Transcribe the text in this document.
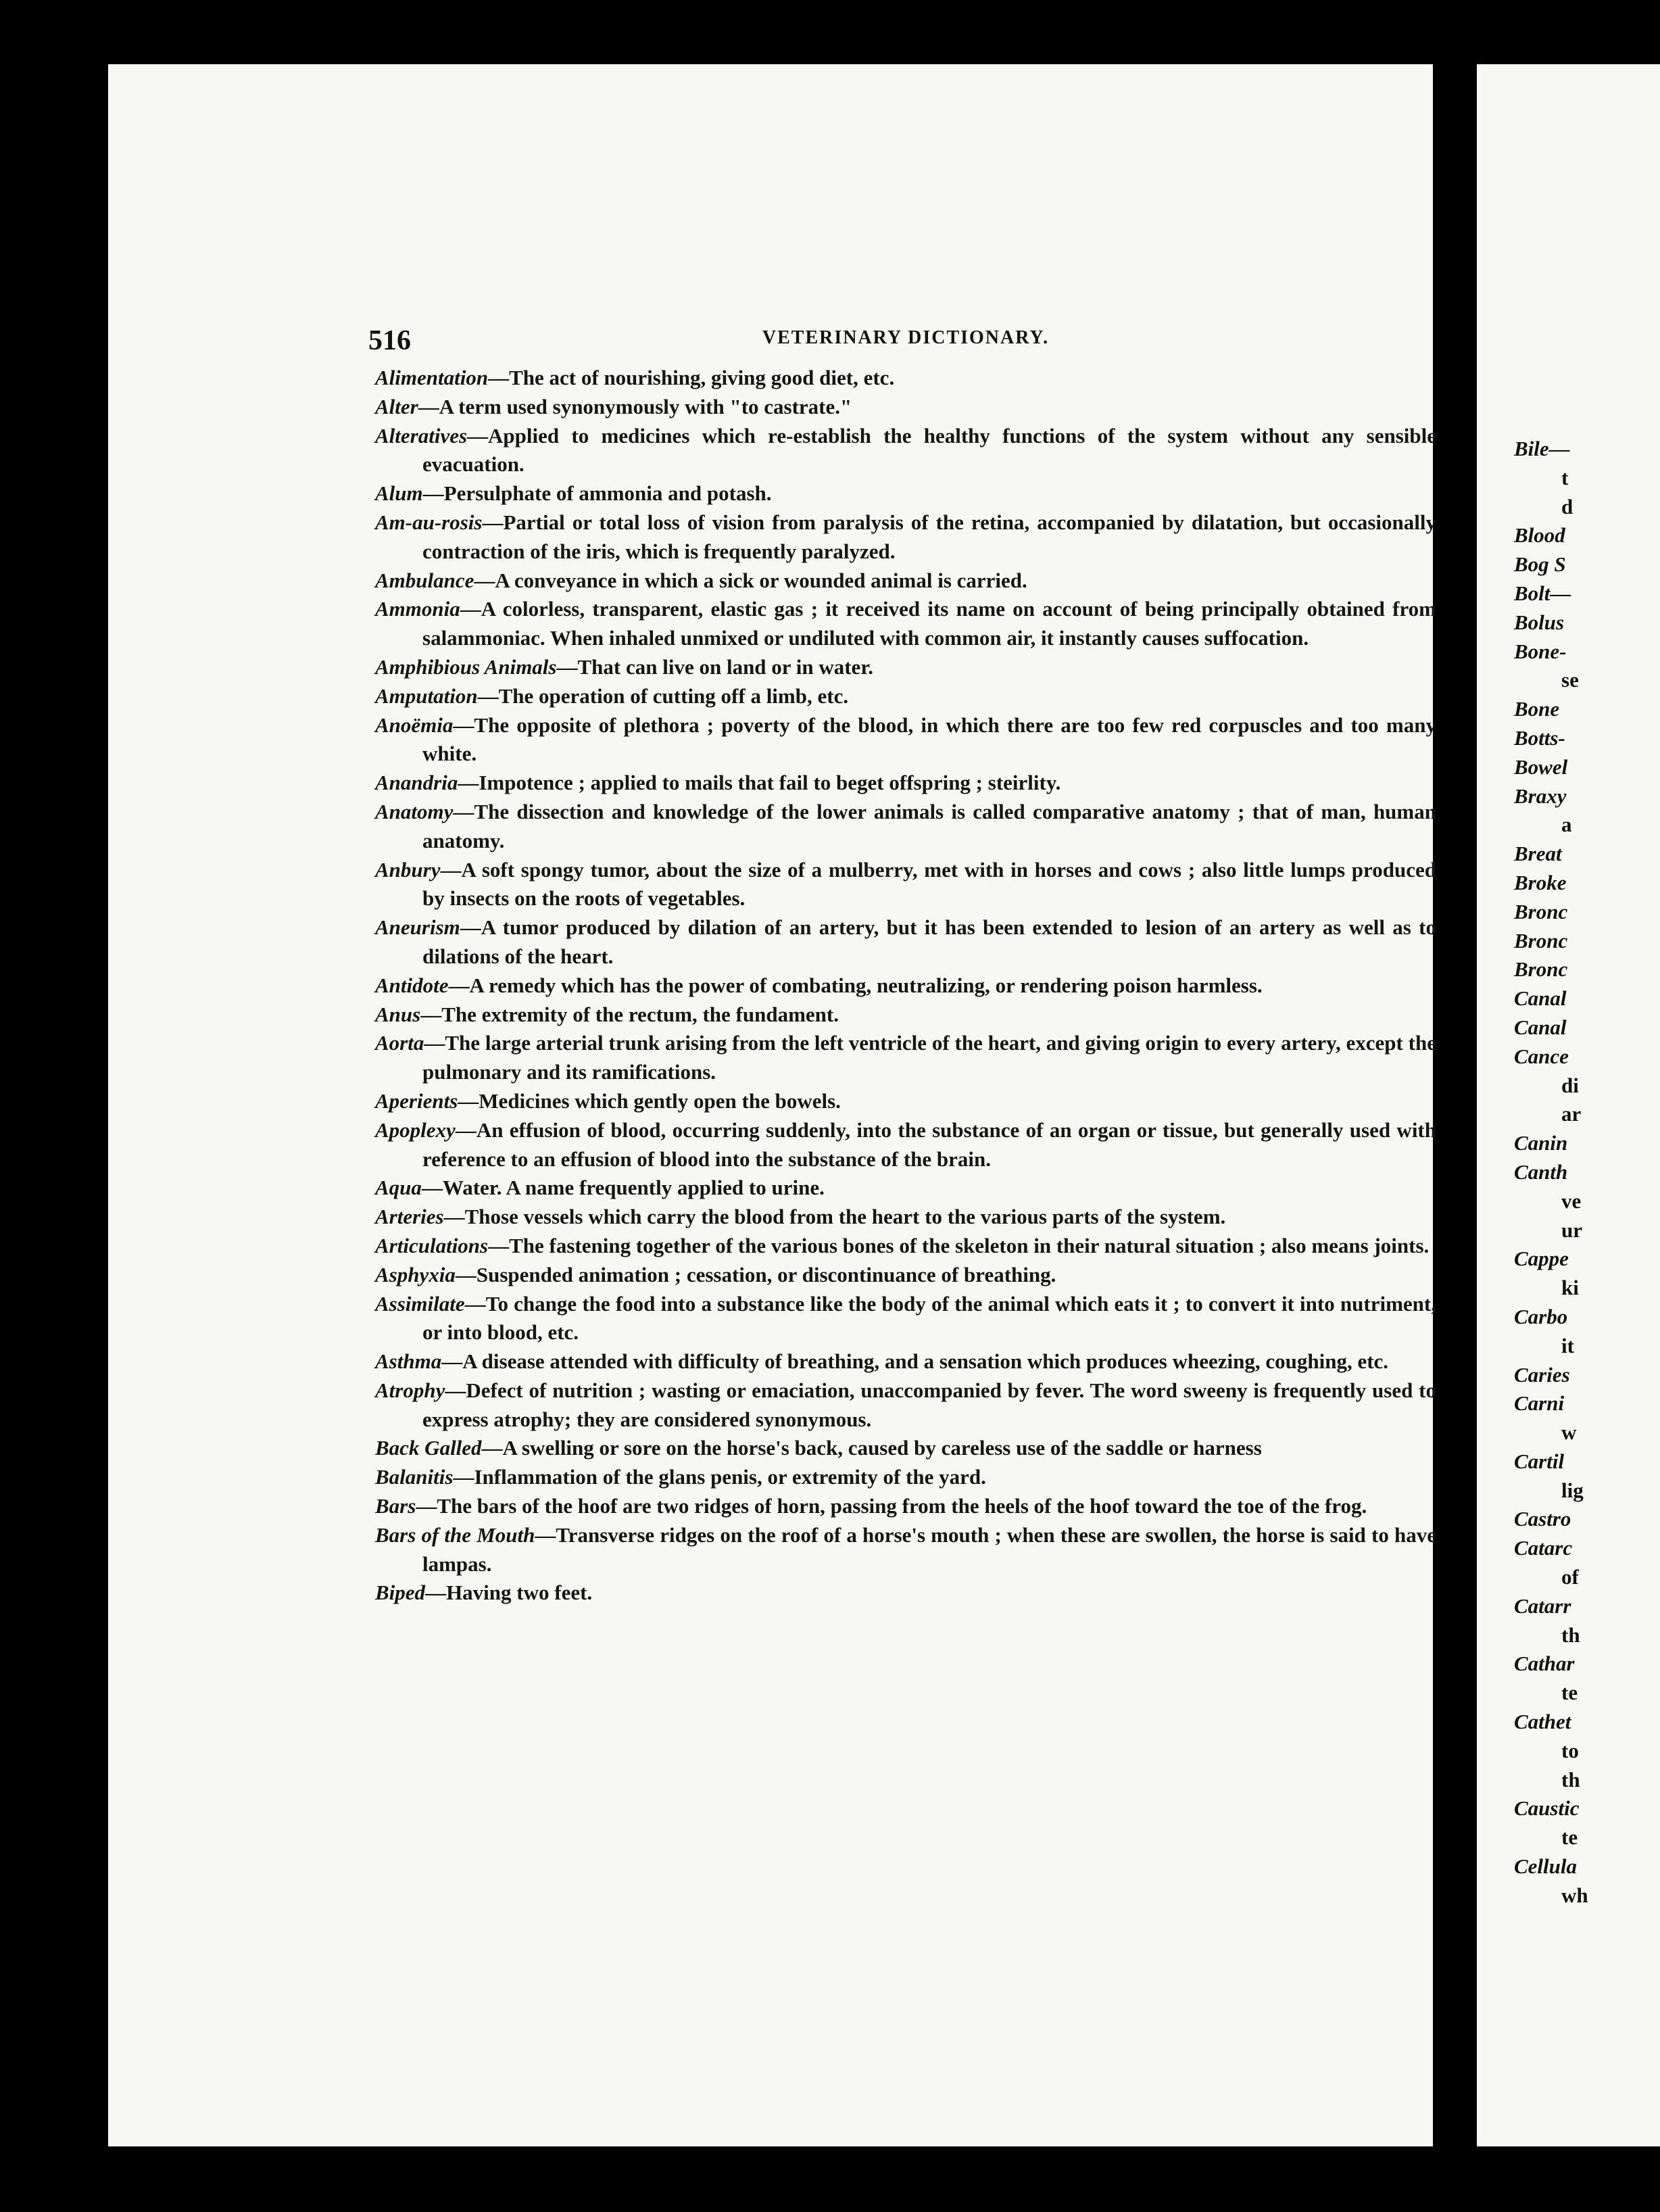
516	VETERINARY DICTIONARY.
Alimentation—The act of nourishing, giving good diet, etc.
Alter—A term used synonymously with "to castrate."
Alteratives—Applied to medicines which re-establish the healthy functions of the system without any sensible evacuation.
Alum—Persulphate of ammonia and potash.
Am-au-rosis—Partial or total loss of vision from paralysis of the retina, accompanied by dilatation, but occasionally contraction of the iris, which is frequently paralyzed.
Ambulance—A conveyance in which a sick or wounded animal is carried.
Ammonia—A colorless, transparent, elastic gas ; it received its name on account of being principally obtained from salammoniac. When inhaled unmixed or undiluted with common air, it instantly causes suffocation.
Amphibious Animals—That can live on land or in water.
Amputation—The operation of cutting off a limb, etc.
Anoëmia—The opposite of plethora ; poverty of the blood, in which there are too few red corpuscles and too many white.
Anandria—Impotence ; applied to mails that fail to beget offspring ; steirlity.
Anatomy—The dissection and knowledge of the lower animals is called comparative anatomy ; that of man, human anatomy.
Anbury—A soft spongy tumor, about the size of a mulberry, met with in horses and cows ; also little lumps produced by insects on the roots of vegetables.
Aneurism—A tumor produced by dilation of an artery, but it has been extended to lesion of an artery as well as to dilations of the heart.
Antidote—A remedy which has the power of combating, neutralizing, or rendering poison harmless.
Anus—The extremity of the rectum, the fundament.
Aorta—The large arterial trunk arising from the left ventricle of the heart, and giving origin to every artery, except the pulmonary and its ramifications.
Aperients—Medicines which gently open the bowels.
Apoplexy—An effusion of blood, occurring suddenly, into the substance of an organ or tissue, but generally used with reference to an effusion of blood into the substance of the brain.
Aqua—Water. A name frequently applied to urine.
Arteries—Those vessels which carry the blood from the heart to the various parts of the system.
Articulations—The fastening together of the various bones of the skeleton in their natural situation ; also means joints.
Asphyxia—Suspended animation ; cessation, or discontinuance of breathing.
Assimilate—To change the food into a substance like the body of the animal which eats it ; to convert it into nutriment, or into blood, etc.
Asthma—A disease attended with difficulty of breathing, and a sensation which produces wheezing, coughing, etc.
Atrophy—Defect of nutrition ; wasting or emaciation, unaccompanied by fever. The word sweeny is frequently used to express atrophy; they are considered synonymous.
Back Galled—A swelling or sore on the horse's back, caused by careless use of the saddle or harness
Balanitis—Inflammation of the glans penis, or extremity of the yard.
Bars—The bars of the hoof are two ridges of horn, passing from the heels of the hoof toward the toe of the frog.
Bars of the Mouth—Transverse ridges on the roof of a horse's mouth ; when these are swollen, the horse is said to have lampas.
Biped—Having two feet.
Bile—
t
d
Blood
Bog S
Bolt—
Bolus
Bone-
se
Bone
Botts-
Bowel
Braxy
a
Breat
Broke
Bronc
Bronc
Bronc
Canal
Canal
Cance
di
ar
Canin
Canth
ve
ur
Cappe
ki
Carbo
it
Caries
Carni
w
Cartil
lig
Castro
Catarc
of
Catarr
th
Cathar
te
Cathet
to
th
Caustic
te
Cellula
wh
